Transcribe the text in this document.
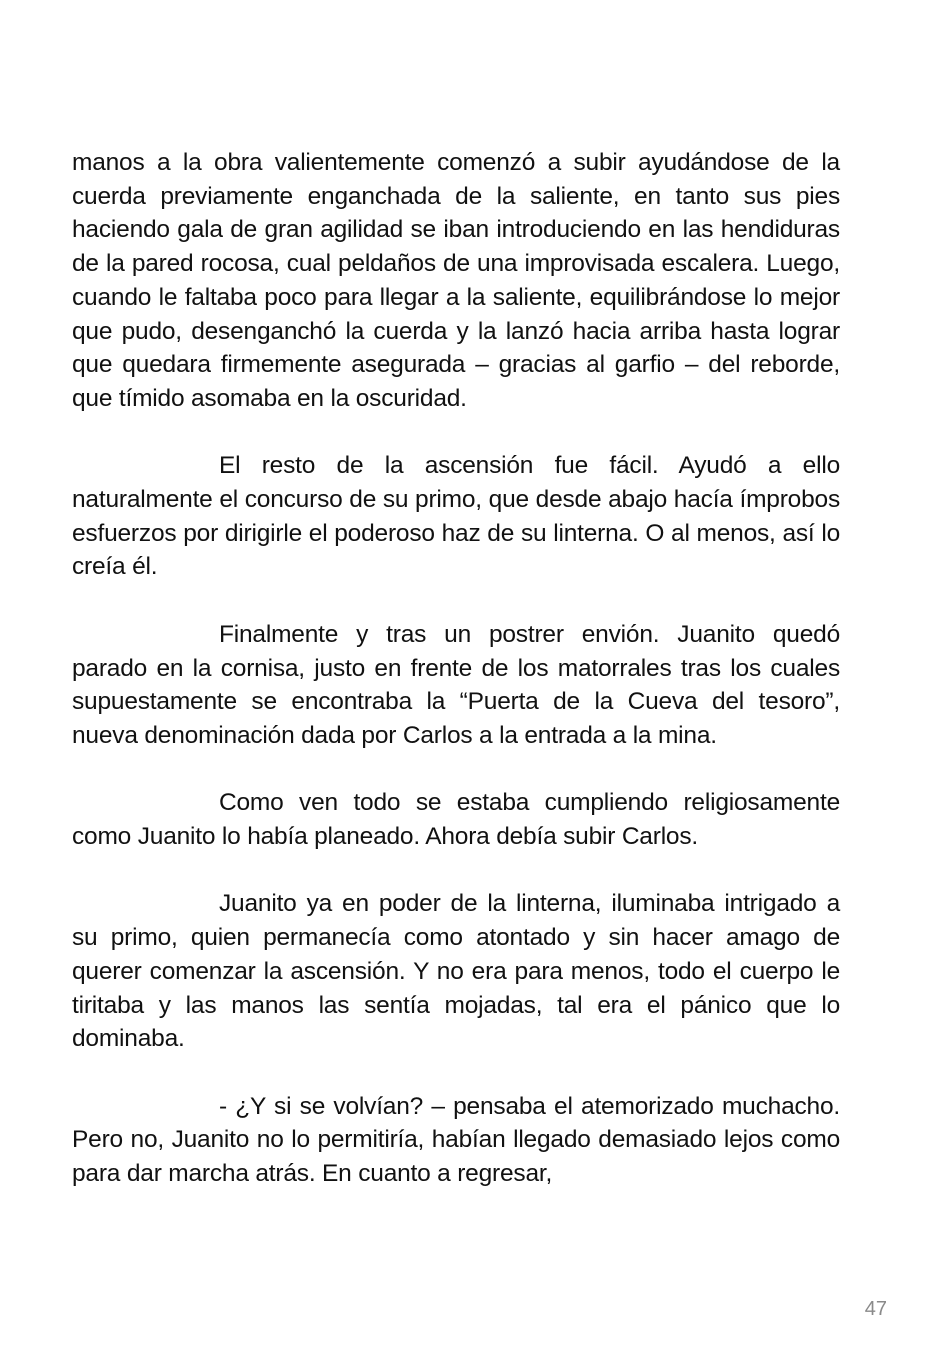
manos a la obra valientemente comenzó a subir ayudándose de la cuerda previamente enganchada de la saliente, en tanto sus pies haciendo gala de gran agilidad se iban introduciendo en las hendiduras de la pared rocosa, cual peldaños de una improvisada escalera. Luego, cuando le faltaba poco para llegar a la saliente, equilibrándose lo mejor que pudo, desenganchó la cuerda y la lanzó hacia arriba hasta lograr que quedara firmemente asegurada – gracias al garfio – del reborde, que tímido asomaba en la oscuridad.

El resto de la ascensión fue fácil. Ayudó a ello naturalmente el concurso de su primo, que desde abajo hacía ímprobos esfuerzos por dirigirle el poderoso haz de su linterna. O al menos, así lo creía él.

Finalmente y tras un postrer envión. Juanito quedó parado en la cornisa, justo en frente de los matorrales tras los cuales supuestamente se encontraba la “Puerta de la Cueva del tesoro”, nueva denominación dada por Carlos a la entrada a la mina.

Como ven todo se estaba cumpliendo religiosamente como Juanito lo había planeado. Ahora debía subir Carlos.

Juanito ya en poder de la linterna, iluminaba intrigado a su primo, quien permanecía como atontado y sin hacer amago de querer comenzar la ascensión. Y no era para menos, todo el cuerpo le tiritaba y las manos las sentía mojadas, tal era el pánico que lo dominaba.

- ¿Y si se volvían? – pensaba el atemorizado muchacho. Pero no, Juanito no lo permitiría, habían llegado demasiado lejos como para dar marcha atrás. En cuanto a regresar,

47
